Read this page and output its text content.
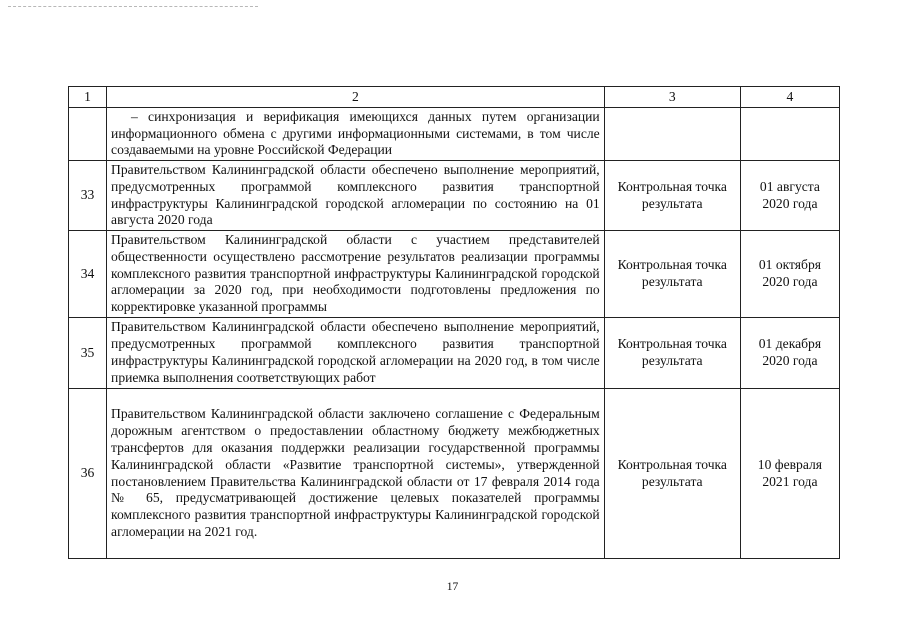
1	2	3	4
	– синхронизация и верификация имеющихся данных путем организации информационного обмена с другими информационными системами, в том числе создаваемыми на уровне Российской Федерации		
33	Правительством Калининградской области обеспечено выполнение мероприятий, предусмотренных программой комплексного развития транспортной инфраструктуры Калининградской городской агломерации по состоянию на 01 августа 2020 года	Контрольная точка результата	01 августа 2020 года
34	Правительством Калининградской области с участием представителей общественности осуществлено рассмотрение результатов реализации программы комплексного развития транспортной инфраструктуры Калининградской городской агломерации за 2020 год, при необходимости подготовлены предложения по корректировке указанной программы	Контрольная точка результата	01 октября 2020 года
35	Правительством Калининградской области обеспечено выполнение мероприятий, предусмотренных программой комплексного развития транспортной инфраструктуры Калининградской городской агломерации на 2020 год, в том числе приемка выполнения соответствующих работ	Контрольная точка результата	01 декабря 2020 года
36	Правительством Калининградской области заключено соглашение с Федеральным дорожным агентством о предоставлении областному бюджету межбюджетных трансфертов для оказания поддержки реализации государственной программы Калининградской области «Развитие транспортной системы», утвержденной постановлением Правительства Калининградской области от 17 февраля 2014 года № 65, предусматривающей достижение целевых показателей программы комплексного развития транспортной инфраструктуры Калининградской городской агломерации на 2021 год.	Контрольная точка результата	10 февраля 2021 года
17
